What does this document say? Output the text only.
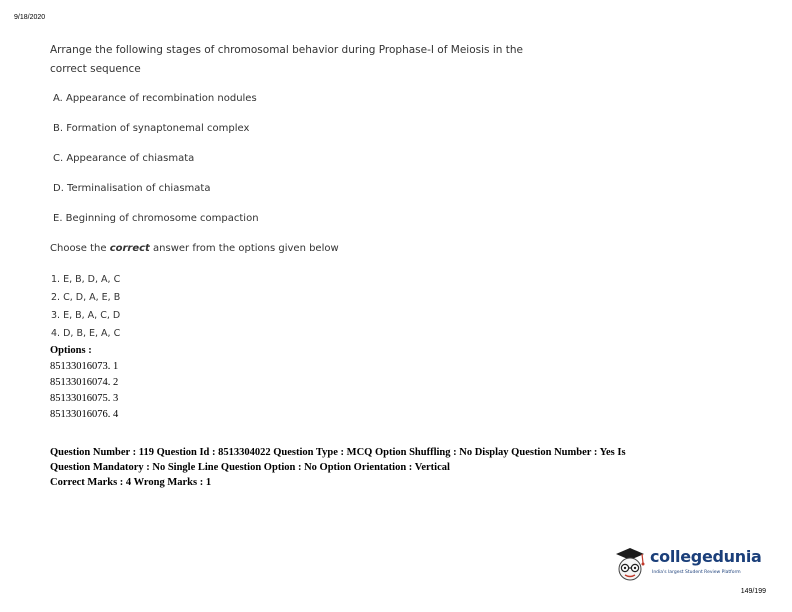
9/18/2020
Arrange the following stages of chromosomal behavior during Prophase-I of Meiosis in the
correct sequence
A. Appearance of recombination nodules
B. Formation of synaptonemal complex
C. Appearance of chiasmata
D. Terminalisation of chiasmata
E. Beginning of chromosome compaction
Choose the correct answer from the options given below
1. E, B, D, A, C
2. C, D, A, E, B
3. E, B, A, C, D
4. D, B, E, A, C
Options :
85133016073. 1
85133016074. 2
85133016075. 3
85133016076. 4
Question Number : 119 Question Id : 8513304022 Question Type : MCQ Option Shuffling : No Display Question Number : Yes Is
Question Mandatory : No Single Line Question Option : No Option Orientation : Vertical
Correct Marks : 4 Wrong Marks : 1
collegedunia
India's largest Student Review Platform
149/199
